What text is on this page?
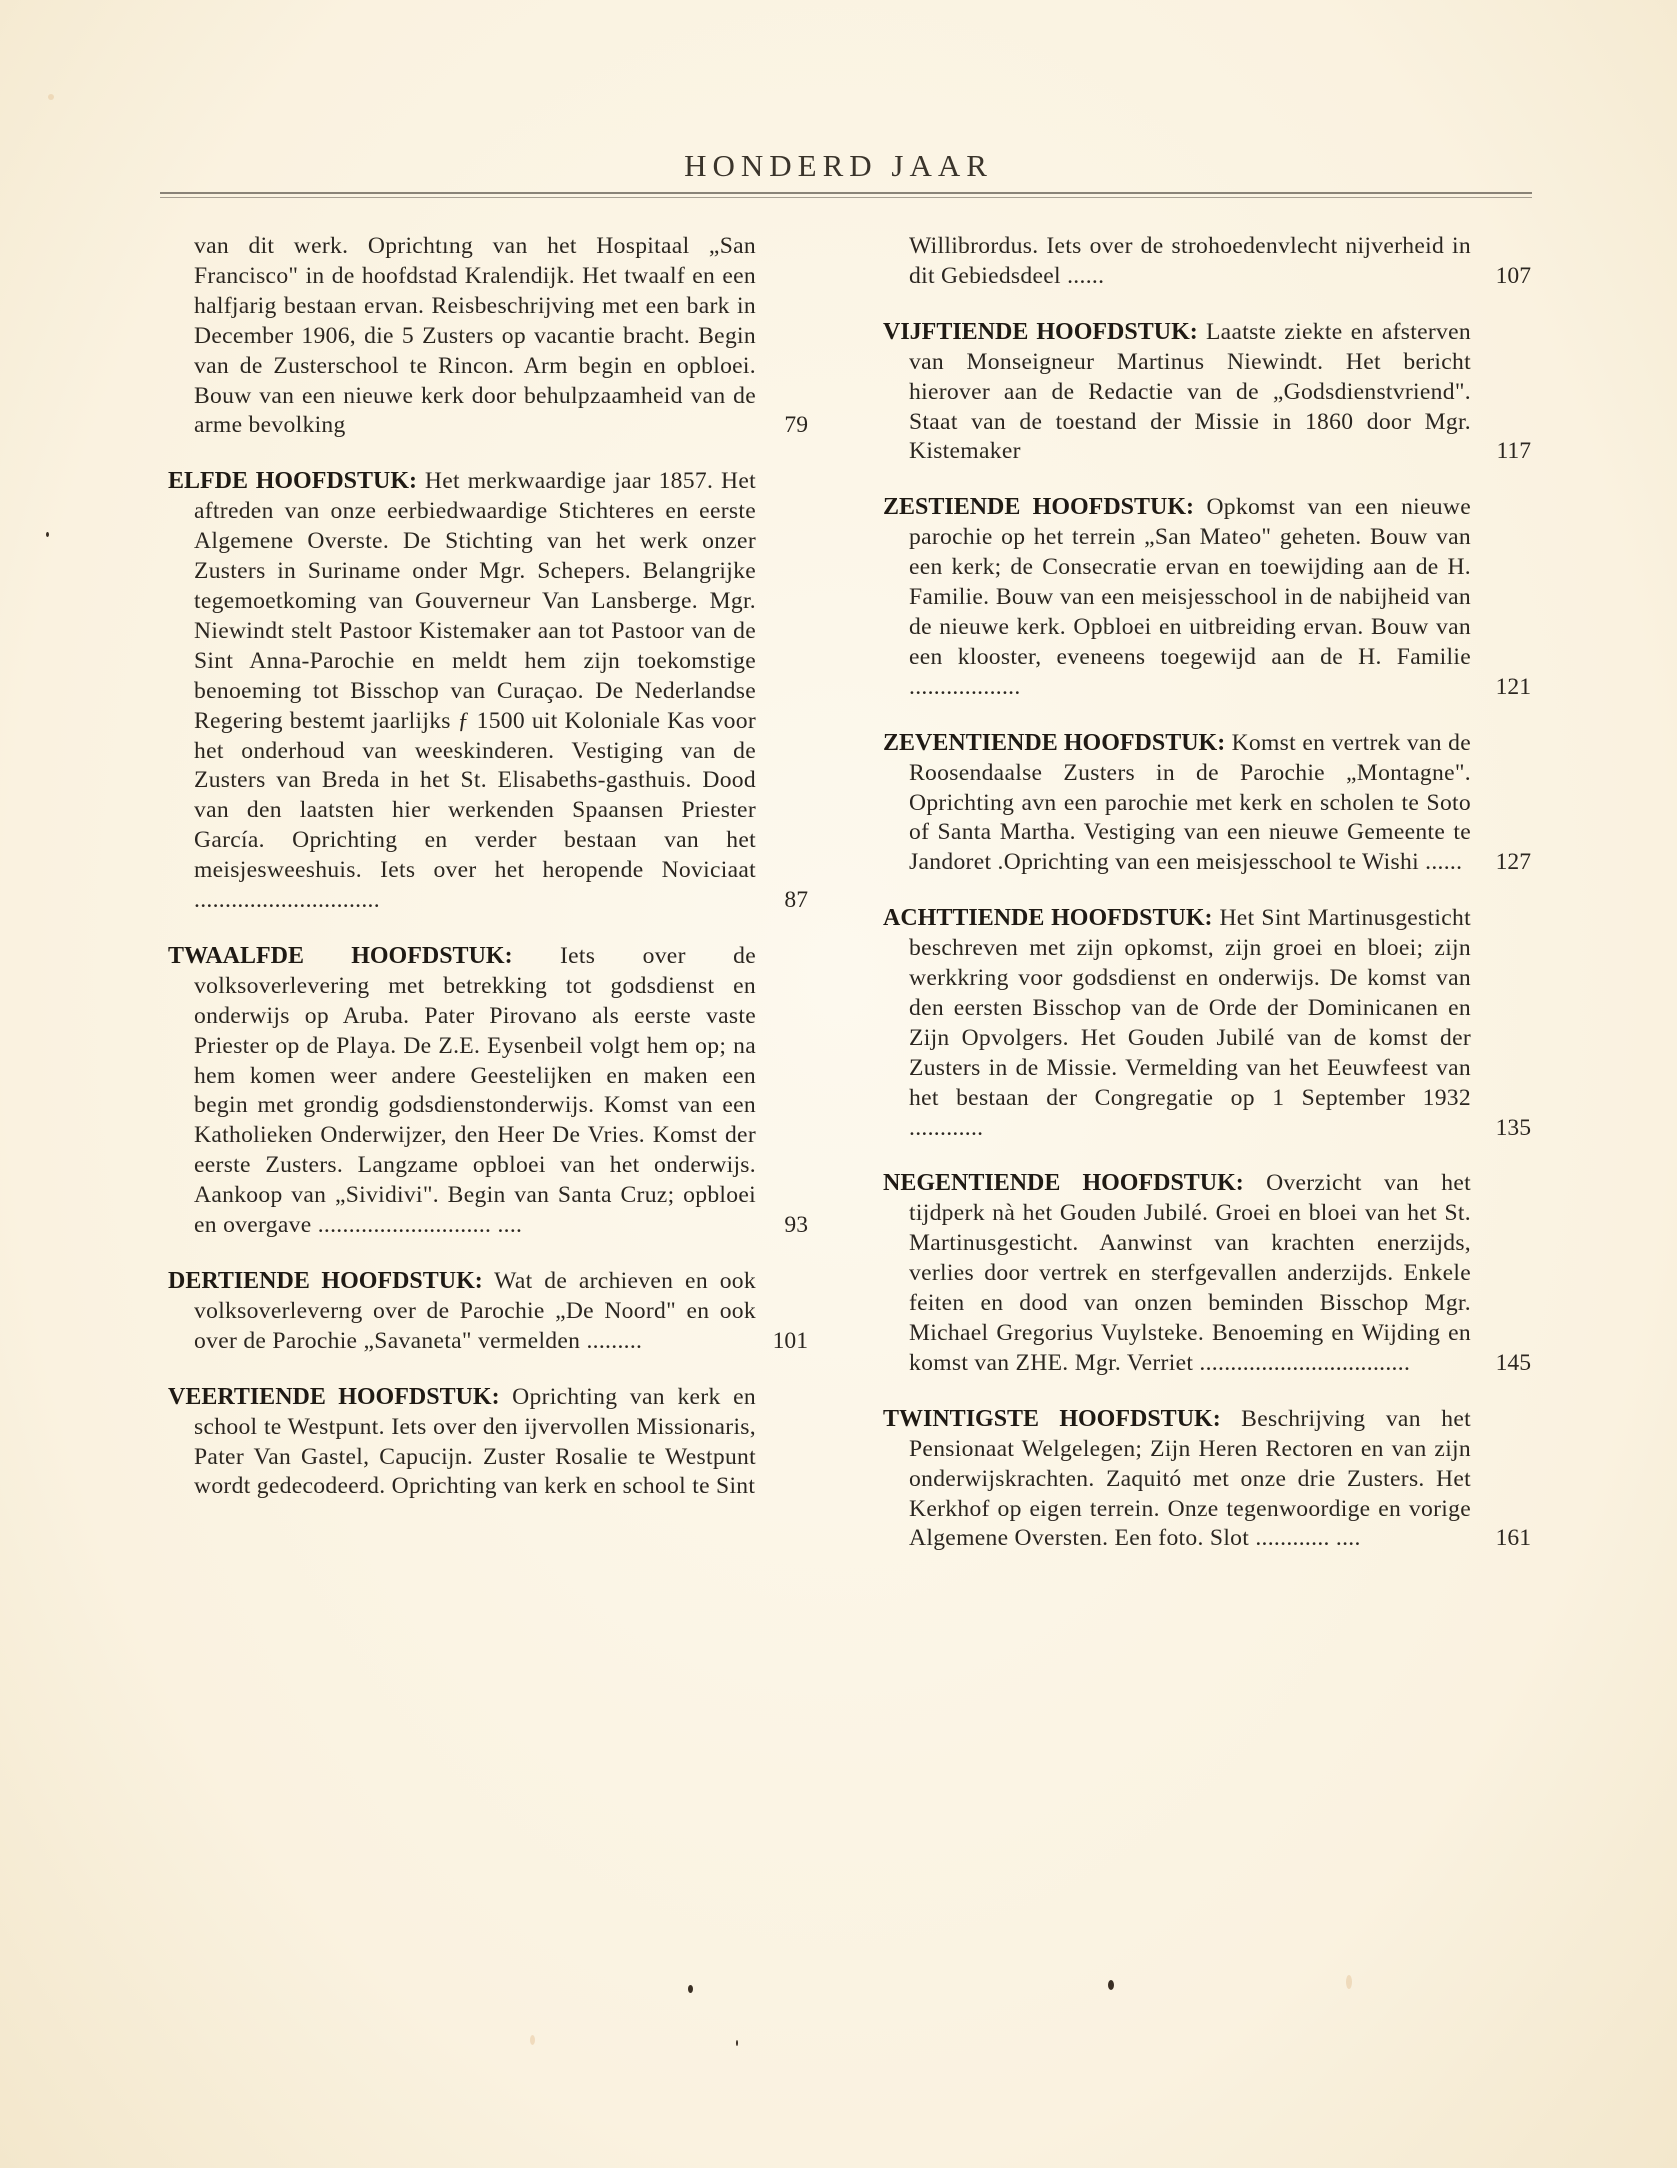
HONDERD JAAR
van dit werk. Oprichtıng van het Hospitaal „San Francisco" in de hoofdstad Kralendijk. Het twaalf en een halfjarig bestaan ervan. Reisbeschrijving met een bark in December 1906, die 5 Zusters op vacantie bracht. Begin van de Zusterschool te Rincon. Arm begin en opbloei. Bouw van een nieuwe kerk door behulpzaamheid van de arme bevolking	79
ELFDE HOOFDSTUK: Het merkwaardige jaar 1857. Het aftreden van onze eerbiedwaardige Stichteres en eerste Algemene Overste. De Stichting van het werk onzer Zusters in Suriname onder Mgr. Schepers. Belangrijke tegemoetkoming van Gouverneur Van Lansberge. Mgr. Niewindt stelt Pastoor Kistemaker aan tot Pastoor van de Sint Anna-Parochie en meldt hem zijn toekomstige benoeming tot Bisschop van Curaçao. De Nederlandse Regering bestemt jaarlijks ƒ 1500 uit Koloniale Kas voor het onderhoud van weeskinderen. Vestiging van de Zusters van Breda in het St. Elisabeths-gasthuis. Dood van den laatsten hier werkenden Spaansen Priester García. Oprichting en verder bestaan van het meisjesweeshuis. Iets over het heropende Noviciaat ..............................	87
TWAALFDE HOOFDSTUK: Iets over de volksoverlevering met betrekking tot godsdienst en onderwijs op Aruba. Pater Pirovano als eerste vaste Priester op de Playa. De Z.E. Eysenbeil volgt hem op; na hem komen weer andere Geestelijken en maken een begin met grondig godsdienstonderwijs. Komst van een Katholieken Onderwijzer, den Heer De Vries. Komst der eerste Zusters. Langzame opbloei van het onderwijs. Aankoop van „Sividivi". Begin van Santa Cruz; opbloei en overgave ............................ ....	93
DERTIENDE HOOFDSTUK: Wat de archieven en ook volksoverleverng over de Parochie „De Noord" en ook over de Parochie „Savaneta" vermelden .........	101
VEERTIENDE HOOFDSTUK: Oprichting van kerk en school te Westpunt. Iets over den ijvervollen Missionaris, Pater Van Gastel, Capucijn. Zuster Rosalie te Westpunt wordt gedecodeerd. Oprichting van kerk en school te Sint
Willibrordus. Iets over de strohoedenvlecht nijverheid in dit Gebiedsdeel ......	107
VIJFTIENDE HOOFDSTUK: Laatste ziekte en afsterven van Monseigneur Martinus Niewindt. Het bericht hierover aan de Redactie van de „Godsdienstvriend". Staat van de toestand der Missie in 1860 door Mgr. Kistemaker	117
ZESTIENDE HOOFDSTUK: Opkomst van een nieuwe parochie op het terrein „San Mateo" geheten. Bouw van een kerk; de Consecratie ervan en toewijding aan de H. Familie. Bouw van een meisjesschool in de nabijheid van de nieuwe kerk. Opbloei en uitbreiding ervan. Bouw van een klooster, eveneens toegewijd aan de H. Familie ..................	121
ZEVENTIENDE HOOFDSTUK: Komst en vertrek van de Roosendaalse Zusters in de Parochie „Montagne". Oprichting avn een parochie met kerk en scholen te Soto of Santa Martha. Vestiging van een nieuwe Gemeente te Jandoret .Oprichting van een meisjesschool te Wishi ......	127
ACHTTIENDE HOOFDSTUK: Het Sint Martinusgesticht beschreven met zijn opkomst, zijn groei en bloei; zijn werkkring voor godsdienst en onderwijs. De komst van den eersten Bisschop van de Orde der Dominicanen en Zijn Opvolgers. Het Gouden Jubilé van de komst der Zusters in de Missie. Vermelding van het Eeuwfeest van het bestaan der Congregatie op 1 September 1932 ............	135
NEGENTIENDE HOOFDSTUK: Overzicht van het tijdperk nà het Gouden Jubilé. Groei en bloei van het St. Martinusgesticht. Aanwinst van krachten enerzijds, verlies door vertrek en sterfgevallen anderzijds. Enkele feiten en dood van onzen beminden Bisschop Mgr. Michael Gregorius Vuylsteke. Benoeming en Wijding en komst van ZHE. Mgr. Verriet ..................................	145
TWINTIGSTE HOOFDSTUK: Beschrijving van het Pensionaat Welgelegen; Zijn Heren Rectoren en van zijn onderwijskrachten. Zaquitó met onze drie Zusters. Het Kerkhof op eigen terrein. Onze tegenwoordige en vorige Algemene Oversten. Een foto. Slot ............ ....	161
